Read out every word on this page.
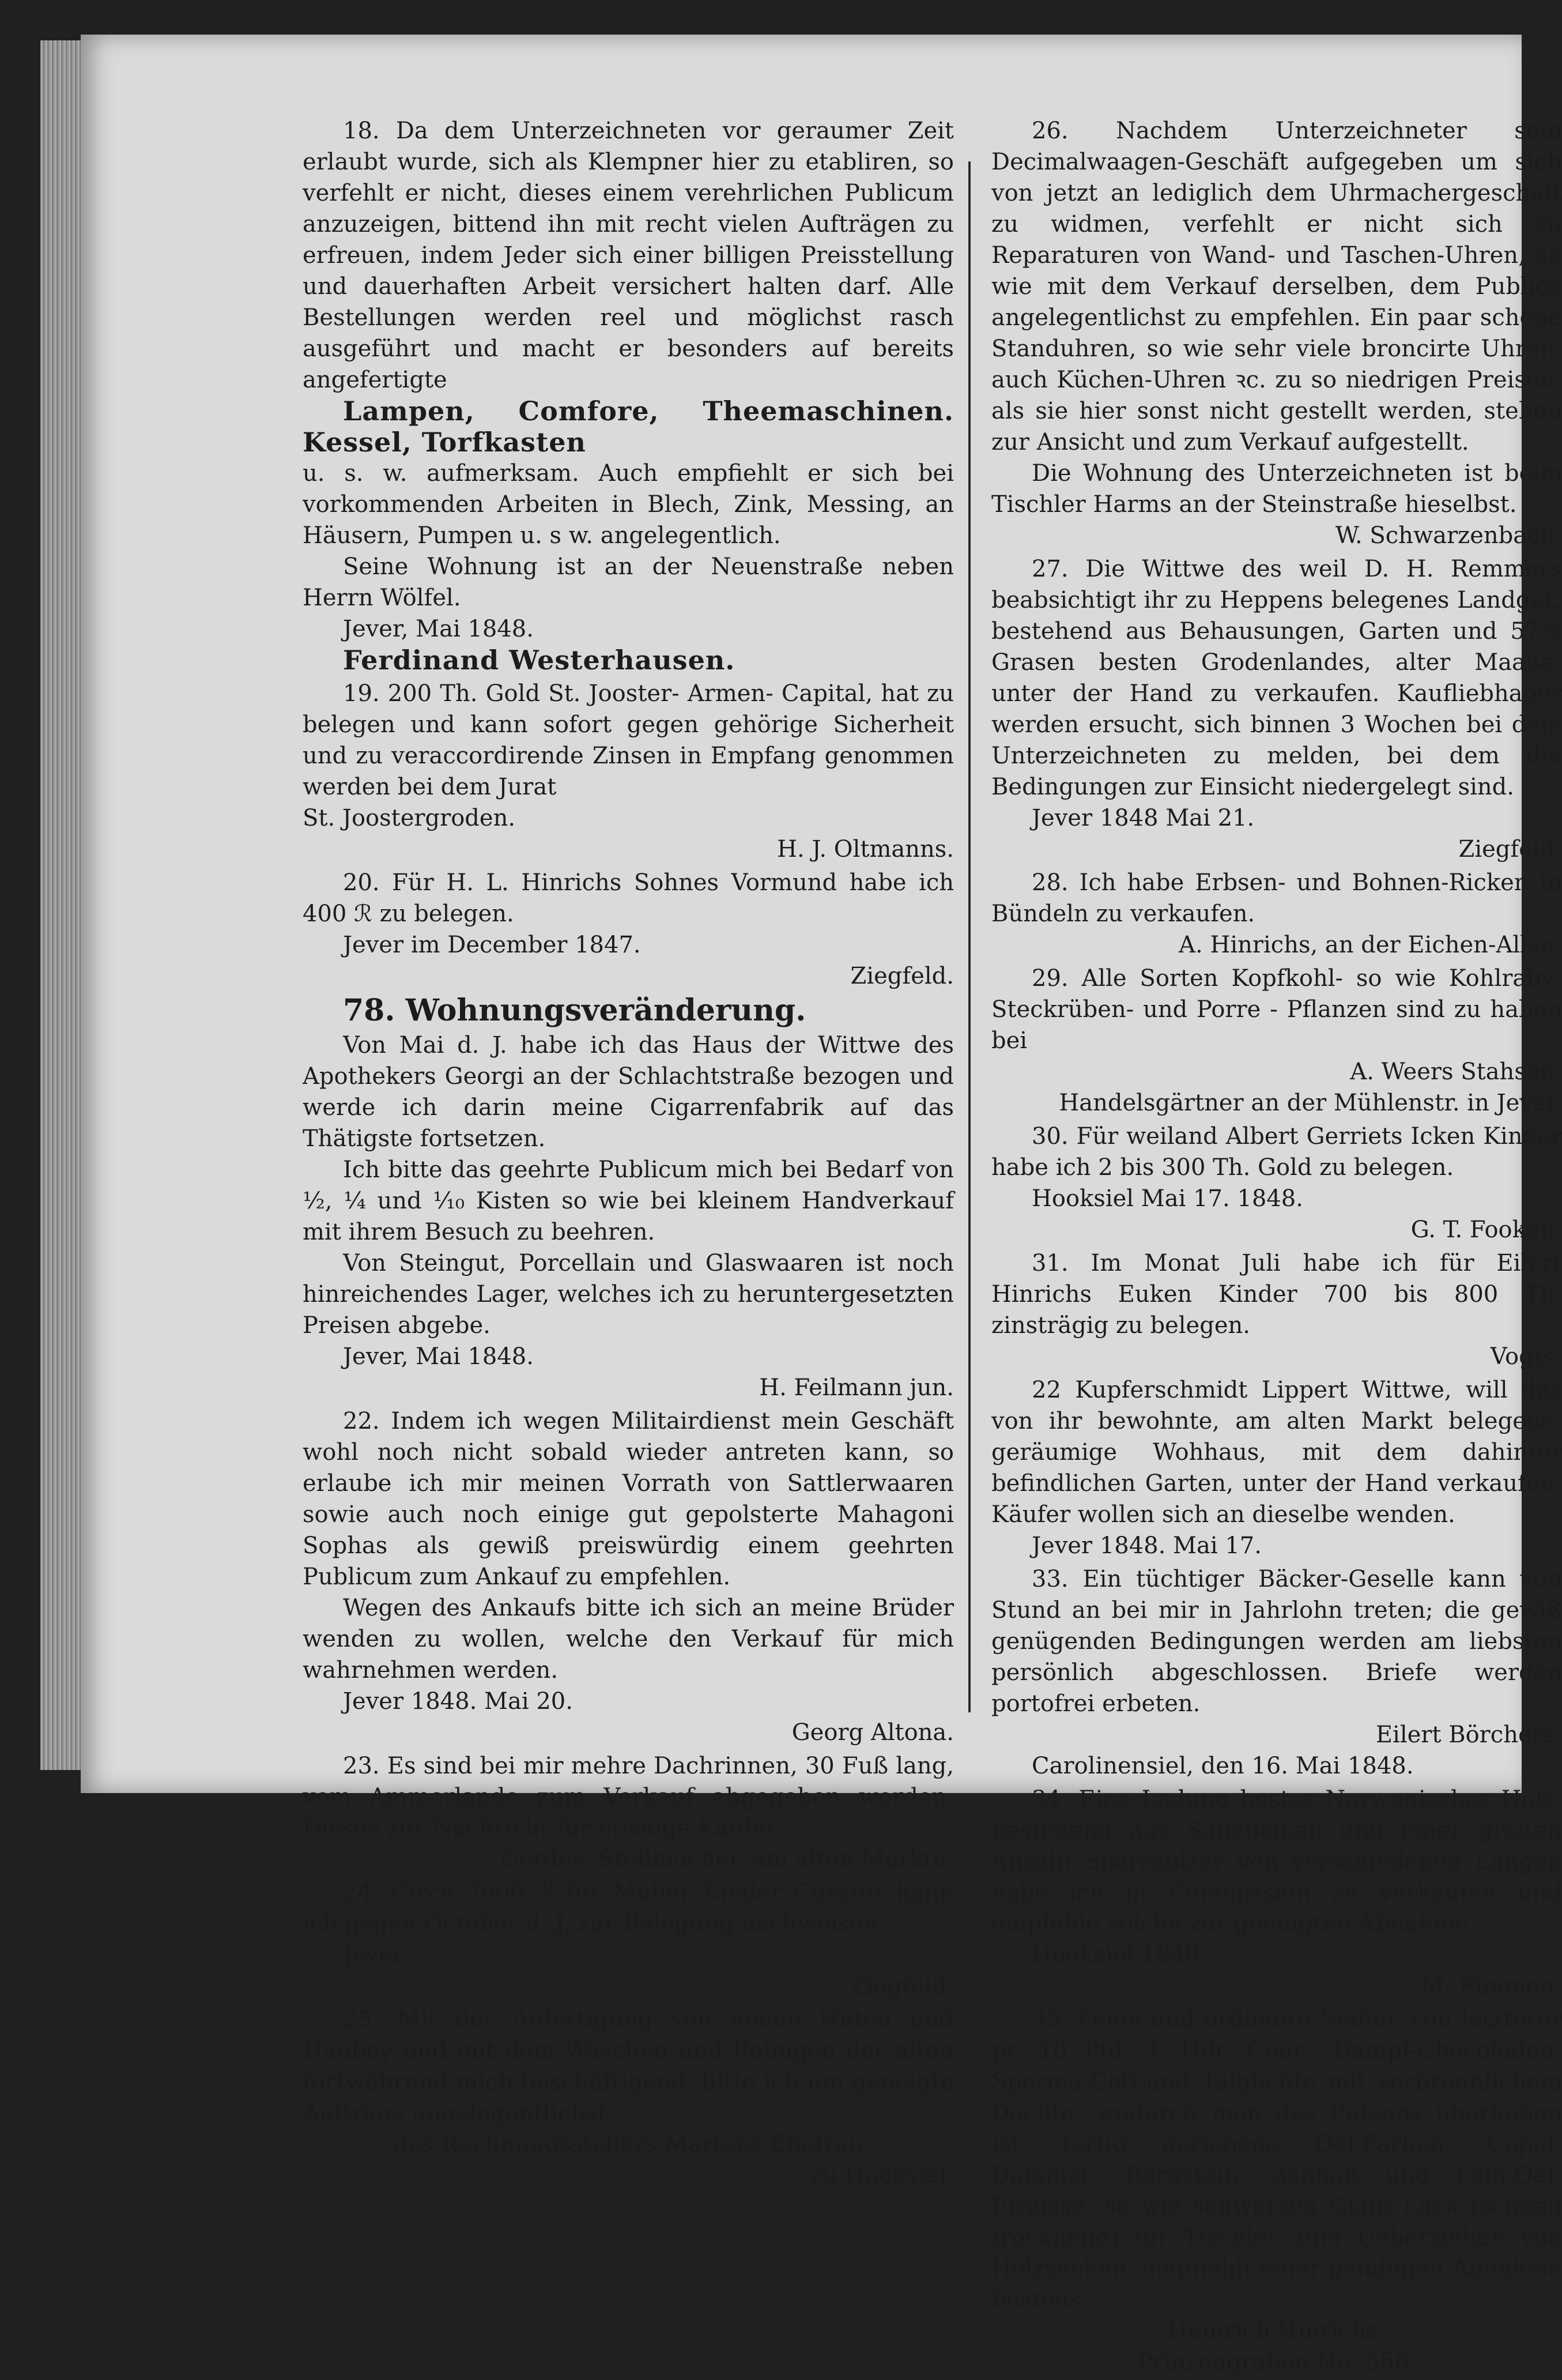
18. Da dem Unterzeichneten vor geraumer Zeit erlaubt wurde, sich als Klempner hier zu etabliren, so verfehlt er nicht, dieses einem verehrlichen Publicum anzuzeigen, bittend ihn mit recht vielen Aufträgen zu erfreuen, indem Jeder sich einer billigen Preisstellung und dauerhaften Arbeit versichert halten darf. Alle Bestellungen werden reel und möglichst rasch ausgeführt und macht er besonders auf bereits angefertigte

Lampen, Comfore, Theemaschinen. Kessel, Torfkasten

u. s. w. aufmerksam. Auch empfiehlt er sich bei vorkommenden Arbeiten in Blech, Zink, Messing, an Häusern, Pumpen u. s w. angelegentlich.

Seine Wohnung ist an der Neuenstraße neben Herrn Wölfel.

Jever, Mai 1848.

Ferdinand Westerhausen.

19. 200 Th. Gold St. Jooster- Armen- Capital, hat zu belegen und kann sofort gegen gehörige Sicherheit und zu veraccordirende Zinsen in Empfang genommen werden bei dem Jurat

St. Joostergroden.
H. J. Oltmanns.

20. Für H. L. Hinrichs Sohnes Vormund habe ich 400 ℛ zu belegen.

Jever im December 1847.
Ziegfeld.
78. Wohnungsveränderung.

Von Mai d. J. habe ich das Haus der Wittwe des Apothekers Georgi an der Schlachtstraße bezogen und werde ich darin meine Cigarrenfabrik auf das Thätigste fortsetzen.

Ich bitte das geehrte Publicum mich bei Bedarf von ½, ¼ und ¹⁄₁₀ Kisten so wie bei kleinem Handverkauf mit ihrem Besuch zu beehren.

Von Steingut, Porcellain und Glaswaaren ist noch hinreichendes Lager, welches ich zu heruntergesetzten Preisen abgebe.

Jever, Mai 1848.
H. Feilmann jun.

22. Indem ich wegen Militairdienst mein Geschäft wohl noch nicht sobald wieder antreten kann, so erlaube ich mir meinen Vorrath von Sattlerwaaren sowie auch noch einige gut gepolsterte Mahagoni Sophas als gewiß preiswürdig einem geehrten Publicum zum Ankauf zu empfehlen.

Wegen des Ankaufs bitte ich sich an meine Brüder wenden zu wollen, welche den Verkauf für mich wahrnehmen werden.

Jever 1848. Mai 20.
Georg Altona.

23. Es sind bei mir mehre Dachrinnen, 30 Fuß lang, vom Ammerlande zum Verkauf abgegeben worden. Dieses zur Nachricht für etwaige Käufer.

Gerdes, Stellmacher, am alten Markte.

24. Circa 7000 ℛ für Müller Kinder Curator kann ich gegen October d. J. zur Belegung nachweisen.

Jever.
Ziegfeld.

25. Mit der Anfertigung von neuen Hüten und Haubey und mit dem Waschen und Reinigen der alten fortwährend mich beschäftigend, bitte ich um geneigte Aufträge angelegentlichst

des Rechnungsstellers Martens Ehefrau
zu Hooksiel.

26. Nachdem Unterzeichneter sein Decimalwaagen-Geschäft aufgegeben um sich von jetzt an lediglich dem Uhrmachergeschäft zu widmen, verfehlt er nicht sich zu Reparaturen von Wand- und Taschen-Uhren, so wie mit dem Verkauf derselben, dem Publico angelegentlichst zu empfehlen. Ein paar schöne Standuhren, so wie sehr viele broncirte Uhren, auch Küchen-Uhren ꝛc. zu so niedrigen Preisen, als sie hier sonst nicht gestellt werden, stehen zur Ansicht und zum Verkauf aufgestellt.

Die Wohnung des Unterzeichneten ist beim Tischler Harms an der Steinstraße hieselbst.

W. Schwarzenbach.

27. Die Wittwe des weil D. H. Remmers beabsichtigt ihr zu Heppens belegenes Landgut, bestehend aus Behausungen, Garten und 57³⁄₅ Grasen besten Grodenlandes, alter Maaße, unter der Hand zu verkaufen. Kaufliebhaber werden ersucht, sich binnen 3 Wochen bei dem Unterzeichneten zu melden, bei dem die Bedingungen zur Einsicht niedergelegt sind.

Jever 1848 Mai 21.
Ziegfeld.

28. Ich habe Erbsen- und Bohnen-Ricken in Bündeln zu verkaufen.

A. Hinrichs, an der Eichen-Allee.

29. Alle Sorten Kopfkohl- so wie Kohlraby-Steckrüben- und Porre - Pflanzen sind zu haben bei

A. Weers Stahsen,
Handelsgärtner an der Mühlenstr. in Jever.

30. Für weiland Albert Gerriets Icken Kinder habe ich 2 bis 300 Th. Gold zu belegen.

Hooksiel Mai 17. 1848.
G. T. Fooken.

31. Im Monat Juli habe ich für Eilert Hinrichs Euken Kinder 700 bis 800 Th. zinsträgig zu belegen.

Vogts.

22 Kupferschmidt Lippert Wittwe, will das von ihr bewohnte, am alten Markt belegene, geräumige Wohhaus, mit dem dahinter befindlichen Garten, unter der Hand verkaufen. Käufer wollen sich an dieselbe wenden.

Jever 1848. Mai 17.

33. Ein tüchtiger Bäcker-Geselle kann von Stund an bei mir in Jahrlohn treten; die gewiß genügenden Bedingungen werden am liebsten persönlich abgeschlossen. Briefe werden portofrei erbeten.

Eilert Börchers.
Carolinensiel, den 16. Mai 1848.

34. Eine Ladung bestes Norwegisches Holz, bestehend aus Sägebalken und einer großen Anzahl Sparrhölzer von verschiedenen Längen habe ich in Commission zu verkaufen und empfehle solche zur geneigten Abnahme.

Hooksiel 1848.
M. Fimmen.

35. Feine und ordinaire Seifen, von letzterer pr. 10 Pfd. 1 Thlr. Cour., Dampf-Chocoladen, Sperma-Ceti-und Talglichte mit verbrennlichem Dochte, wodurch man des Putzens überhoben ist; fertig geriebene Oel-Farben, Copal- Dammar- Bernstein- Asphalt und Lein-Oel-Firnisse; so wie schwarzen Glanz-Lack (schnell trocknend) für Tischler zum Ueberziehen von Holzsachen, empfiehlt einer gefälligen Abnahme bestens.

Heinrich Hinrichs,
Prinzengraben No. 556.
